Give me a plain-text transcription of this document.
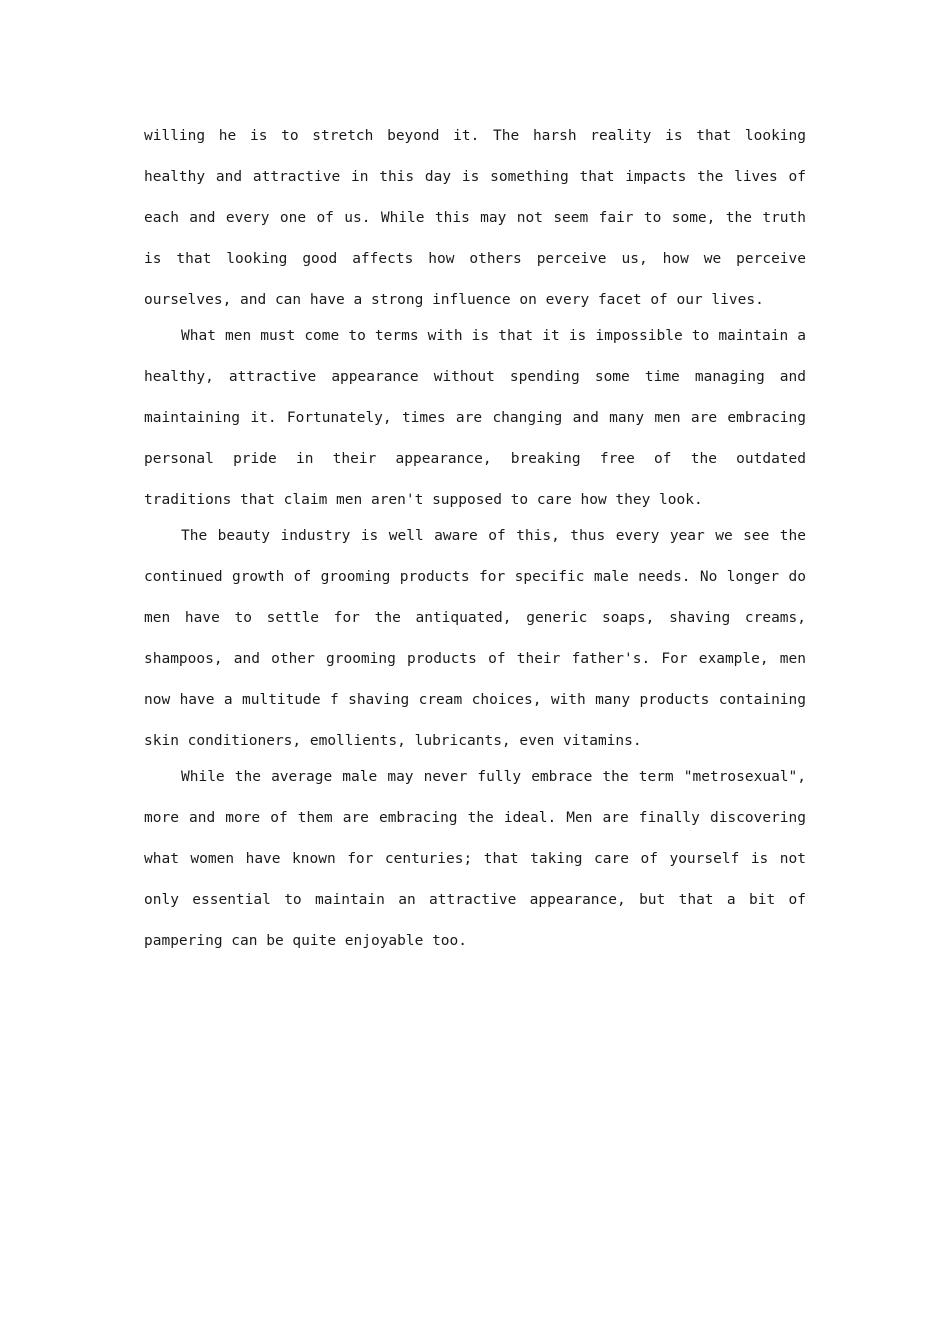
willing he is to stretch beyond it. The harsh reality is that looking healthy and attractive in this day is something that impacts the lives of each and every one of us. While this may not seem fair to some, the truth is that looking good affects how others perceive us, how we perceive ourselves, and can have a strong influence on every facet of our lives.

What men must come to terms with is that it is impossible to maintain a healthy, attractive appearance without spending some time managing and maintaining it. Fortunately, times are changing and many men are embracing personal pride in their appearance, breaking free of the outdated traditions that claim men aren't supposed to care how they look.

The beauty industry is well aware of this, thus every year we see the continued growth of grooming products for specific male needs. No longer do men have to settle for the antiquated, generic soaps, shaving creams, shampoos, and other grooming products of their father's. For example, men now have a multitude f shaving cream choices, with many products containing skin conditioners, emollients, lubricants, even vitamins.

While the average male may never fully embrace the term "metrosexual", more and more of them are embracing the ideal. Men are finally discovering what women have known for centuries; that taking care of yourself is not only essential to maintain an attractive appearance, but that a bit of pampering can be quite enjoyable too.
